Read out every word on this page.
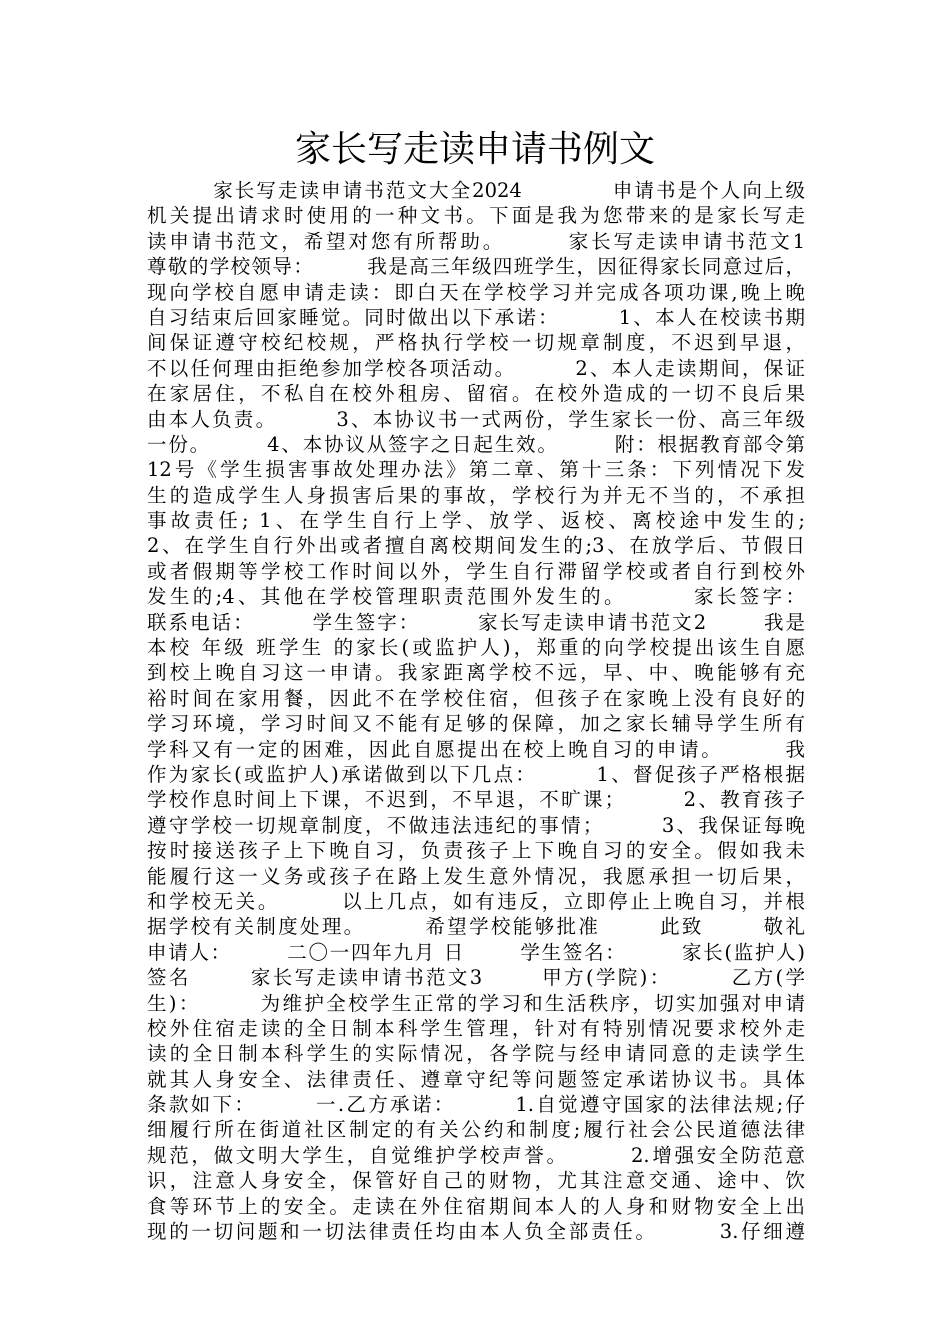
家长写走读申请书例文
家长写走读申请书范文大全2024           申请书是个人向上级
机关提出请求时使用的一种文书。下面是我为您带来的是家长写走
读申请书范文，希望对您有所帮助。       家长写走读申请书范文1
尊敬的学校领导：       我是高三年级四班学生，因征得家长同意过后，
现向学校自愿申请走读：即白天在学校学习并完成各项功课,晚上晚
自习结束后回家睡觉。同时做出以下承诺：       1、本人在校读书期
间保证遵守校纪校规，严格执行学校一切规章制度，不迟到早退，
不以任何理由拒绝参加学校各项活动。       2、本人走读期间，保证
在家居住，不私自在校外租房、留宿。在校外造成的一切不良后果
由本人负责。       3、本协议书一式两份，学生家长一份、高三年级
一份。       4、本协议从签字之日起生效。       附：根据教育部令第
12号《学生损害事故处理办法》第二章、第十三条：下列情况下发
生的造成学生人身损害后果的事故，学校行为并无不当的，不承担
事故责任; 1、在学生自行上学、放学、返校、离校途中发生的;
2、在学生自行外出或者擅自离校期间发生的;3、在放学后、节假日
或者假期等学校工作时间以外，学生自行滞留学校或者自行到校外
发生的;4、其他在学校管理职责范围外发生的。       家长签字：
联系电话：       学生签字：       家长写走读申请书范文2       我是
本校 年级 班学生 的家长(或监护人)，郑重的向学校提出该生自愿
到校上晚自习这一申请。我家距离学校不远，早、中、晚能够有充
裕时间在家用餐，因此不在学校住宿，但孩子在家晚上没有良好的
学习环境，学习时间又不能有足够的保障，加之家长辅导学生所有
学科又有一定的困难，因此自愿提出在校上晚自习的申请。       我
作为家长(或监护人)承诺做到以下几点：       1、督促孩子严格根据
学校作息时间上下课，不迟到，不早退，不旷课；       2、教育孩子
遵守学校一切规章制度，不做违法违纪的事情；       3、我保证每晚
按时接送孩子上下晚自习，负责孩子上下晚自习的安全。假如我未
能履行这一义务或孩子在路上发生意外情况，我愿承担一切后果，
和学校无关。       以上几点，如有违反，立即停止上晚自习，并根
据学校有关制度处理。       希望学校能够批准       此致       敬礼
申请人：       二〇一四年九月 日       学生签名：       家长(监护人)
签名       家长写走读申请书范文3       甲方(学院)：       乙方(学
生)：       为维护全校学生正常的学习和生活秩序，切实加强对申请
校外住宿走读的全日制本科学生管理，针对有特别情况要求校外走
读的全日制本科学生的实际情况，各学院与经申请同意的走读学生
就其人身安全、法律责任、遵章守纪等问题签定承诺协议书。具体
条款如下：       一.乙方承诺：       1.自觉遵守国家的法律法规;仔
细履行所在街道社区制定的有关公约和制度;履行社会公民道德法律
规范，做文明大学生，自觉维护学校声誉。       2.增强安全防范意
识，注意人身安全，保管好自己的财物，尤其注意交通、途中、饮
食等环节上的安全。走读在外住宿期间本人的人身和财物安全上出
现的一切问题和一切法律责任均由本人负全部责任。       3.仔细遵
